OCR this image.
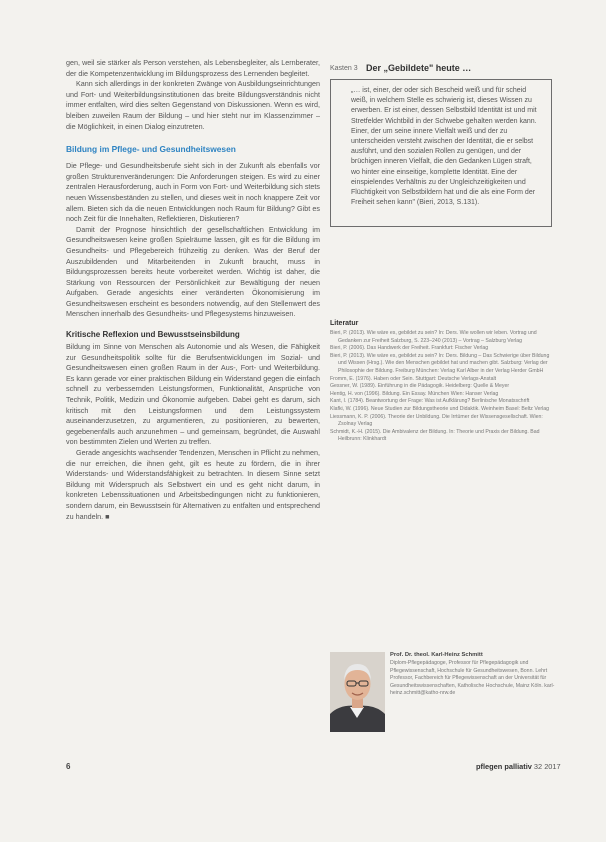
gen, weil sie stärker als Person verstehen, als Lebensbegleiter, als Lernberater, der die Kompetenzentwicklung im Bildungsprozess des Lernenden begleitet.

Kann sich allerdings in der konkreten Zwänge von Ausbildungseinrichtungen und Fort- und Weiterbildungsinstitutionen das breite Bildungsverständnis nicht immer entfalten, wird dies selten Gegenstand von Diskussionen. Wenn es wird, bleiben zuweilen Raum der Bildung – und hier steht nur im Klassenzimmer – die Möglichkeit, in einen Dialog einzutreten.

Bildung im Pflege- und Gesundheitswesen

Die Pflege- und Gesundheitsberufe sieht sich in der Zukunft als ebenfalls vor großen Strukturenveränderungen: Die Anforderungen steigen. Es wird zu einer zentralen Herausforderung, auch in Form von Fort- und Weiterbildung sich stets neuen Wissensbeständen zu stellen, und dieses weit in noch knappere Zeit vor allem. Bieten sich da die neuen Entwicklungen noch Raum für Bildung? Gibt es noch Zeit für die Innehalten, Reflektieren, Diskutieren?

Damit der Prognose hinsichtlich der gesellschaftlichen Entwicklung im Gesundheitswesen keine großen Spielräume lassen, gilt es für die Bildung im Gesundheits- und Pflegebereich frühzeitig zu denken. Was der Beruf der Auszubildenden und Mitarbeitenden in Zukunft braucht, muss in Bildungsprozessen bereits heute vorbereitet werden. Wichtig ist daher, die Stärkung von Ressourcen der Persönlichkeit zur Bewältigung der neuen Aufgaben. Gerade angesichts einer veränderten Ökonomisierung im Gesundheitswesen erscheint es besonders notwendig, auf den Stellenwert des Menschen innerhalb des Gesundheits- und Pflegesystems hinzuweisen.

Kritische Reflexion und Bewusstseinsbildung

Bildung im Sinne von Menschen als Autonomie und als Wesen, die Fähigkeit zur Gesundheitspolitik sollte für die Berufsentwicklungen im Sozial- und Gesundheitswesen einen großen Raum in der Aus-, Fort- und Weiterbildung. Es kann gerade vor einer praktischen Bildung ein Widerstand gegen die einfach schnell zu verbessernden Leistungsformen, Funktionalität, Ansprüche von Technik, Politik, Medizin und Ökonomie aufgeben. Dabei geht es darum, sich kritisch mit den Leistungsformen und dem Leistungssystem auseinanderzusetzen, zu argumentieren, zu positionieren, zu bewerten, gegebenenfalls auch anzunehmen – und gemeinsam, begründet, die Auswahl von bestimmten Zielen und Werten zu treffen.

Gerade angesichts wachsender Tendenzen, Menschen in Pflicht zu nehmen, die nur erreichen, die ihnen geht, gilt es heute zu fördern, die in ihrer Widerstands- und Widerstandsfähigkeit zu betrachten. In diesem Sinne setzt Bildung mit Widerspruch als Selbstwert ein und es geht nicht darum, in konkreten Lebenssituationen und Arbeitsbedingungen nicht zu funktionieren, sondern darum, ein Bewusstsein für Alternativen zu entfalten und entsprechend zu handeln. ■

Kasten 3 Der „Gebildete" heute …

„… ist, einer, der oder sich Bescheid weiß und für scheid weiß, in welchem Stelle es schwierig ist, dieses Wissen zu erwerben. Er ist einer, dessen Selbstbild Identität ist und mit Stretfelder Wichtbild in der Schwebe gehalten werden kann. Einer, der um seine innere Vielfalt weiß und der zu unterscheiden versteht zwischen der Identität, die er selbst ausführt, und den sozialen Rollen zu genügen, und der brüchigen inneren Vielfalt, die den Gedanken Lügen straft, wo hinter eine einseitige, komplette Identität. Eine der einspielendes Verhältnis zu der Ungleichzeitigkeiten und Flüchtigkeit von Selbstbildern hat und die als eine Form der Freiheit sehen kann" (Bieri, 2013, S.131).

Literatur

Bieri, P. (2013). Wie wäre es, gebildet zu sein? In: Ders. Wie wollen wir leben. Vortrag und Gedanken zur Freiheit Salzburg, S. 223–240 (2013) – Vortrag – Salzburg Verlag

Bieri, P. (2006). Das Handwerk der Freiheit. Frankfurt: Fischer Verlag

Bieri, P. (2013). Wie wäre es, gebildet zu sein? In: Ders. Bildung – Das Schwierige über Bildung und Wissen (Hrsg.). Wie den Menschen gebildet hat und machen gibt. Salzburg: Verlag der Philosophie der Bildung. Freiburg München: Verlag Karl Alber in der Verlag Herder GmbH

Fromm, E. (1976). Haben oder Sein. Stuttgart: Deutsche Verlags-Anstalt

Gessner, W. (1989). Einführung in die Pädagogik. Heidelberg: Quelle & Meyer

Hentig, H. von (1996). Bildung. Ein Essay. München Wien: Hanser Verlag

Kant, I. (1784). Beantwortung der Frage: Was ist Aufklärung? Berlinische Monatsschrift

Klafki, W. (1996). Neue Studien zur Bildungstheorie und Didaktik. Weinheim Basel: Beltz Verlag

Liessmann, K. P. (2006). Theorie der Unbildung. Die Irrtümer der Wissensgesellschaft. Wien: Zsolnay Verlag

Schmidt, K.-H. (2015). Die Ambivalenz der Bildung. In: Theorie und Praxis der Bildung. Bad Heilbrunn: Klinkhardt

Prof. Dr. theol. Karl-Heinz Schmitt

Diplom-Pflegepädagoge, Professor für Pflegepädagogik und Pflegewissenschaft, Hochschule für Gesundheitswesen, Bonn. Lehrt Professor, Fachbereich für Pflegewissenschaft an der Universität für Gesundheitswissenschaften, Katholische Hochschule, Mainz Köln. karl-heinz.schmitt@katho-nrw.de

6	pflegen palliativ 32 2017
